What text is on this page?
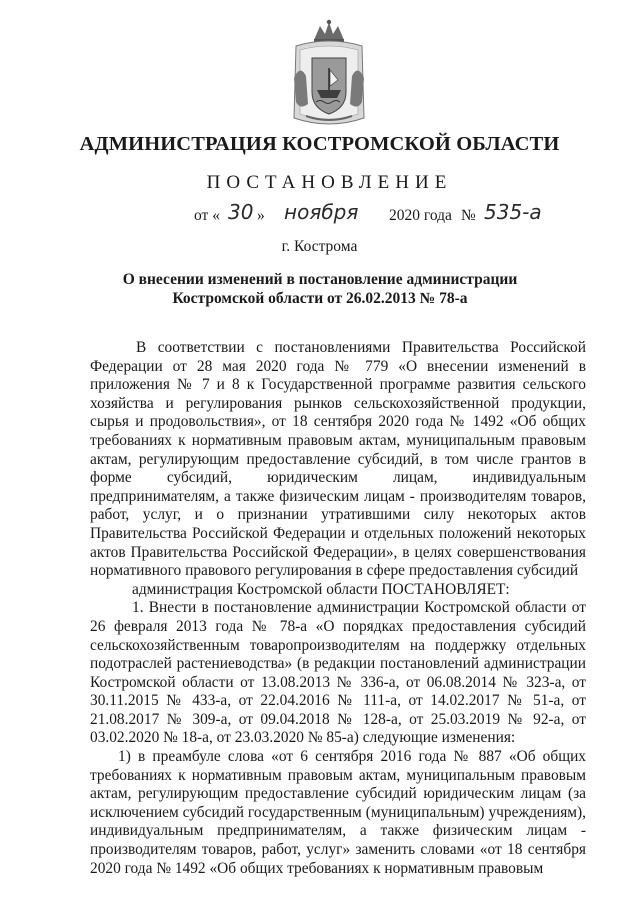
АДМИНИСТРАЦИЯ КОСТРОМСКОЙ ОБЛАСТИ
ПОСТАНОВЛЕНИЕ
от « 30 » ноября 2020 года № 535-а
г. Кострома
О внесении изменений в постановление администрации
Костромской области от 26.02.2013 № 78-а

В соответствии с постановлениями Правительства Российской Федерации от 28 мая 2020 года № 779 «О внесении изменений в приложения № 7 и 8 к Государственной программе развития сельского хозяйства и регулирования рынков сельскохозяйственной продукции, сырья и продовольствия», от 18 сентября 2020 года № 1492 «Об общих требованиях к нормативным правовым актам, муниципальным правовым актам, регулирующим предоставление субсидий, в том числе грантов в форме субсидий, юридическим лицам, индивидуальным предпринимателям, а также физическим лицам - производителям товаров, работ, услуг, и о признании утратившими силу некоторых актов Правительства Российской Федерации и отдельных положений некоторых актов Правительства Российской Федерации», в целях совершенствования нормативного правового регулирования в сфере предоставления субсидий

администрация Костромской области ПОСТАНОВЛЯЕТ:

1. Внести в постановление администрации Костромской области от 26 февраля 2013 года № 78-а «О порядках предоставления субсидий сельскохозяйственным товаропроизводителям на поддержку отдельных подотраслей растениеводства» (в редакции постановлений администрации Костромской области от 13.08.2013 № 336-а, от 06.08.2014 № 323-а, от 30.11.2015 № 433-а, от 22.04.2016 № 111-а, от 14.02.2017 № 51-а, от 21.08.2017 № 309-а, от 09.04.2018 № 128-а, от 25.03.2019 № 92-а, от 03.02.2020 № 18-а, от 23.03.2020 № 85-а) следующие изменения:

1) в преамбуле слова «от 6 сентября 2016 года № 887 «Об общих требованиях к нормативным правовым актам, муниципальным правовым актам, регулирующим предоставление субсидий юридическим лицам (за исключением субсидий государственным (муниципальным) учреждениям), индивидуальным предпринимателям, а также физическим лицам - производителям товаров, работ, услуг» заменить словами «от 18 сентября 2020 года № 1492 «Об общих требованиях к нормативным правовым
